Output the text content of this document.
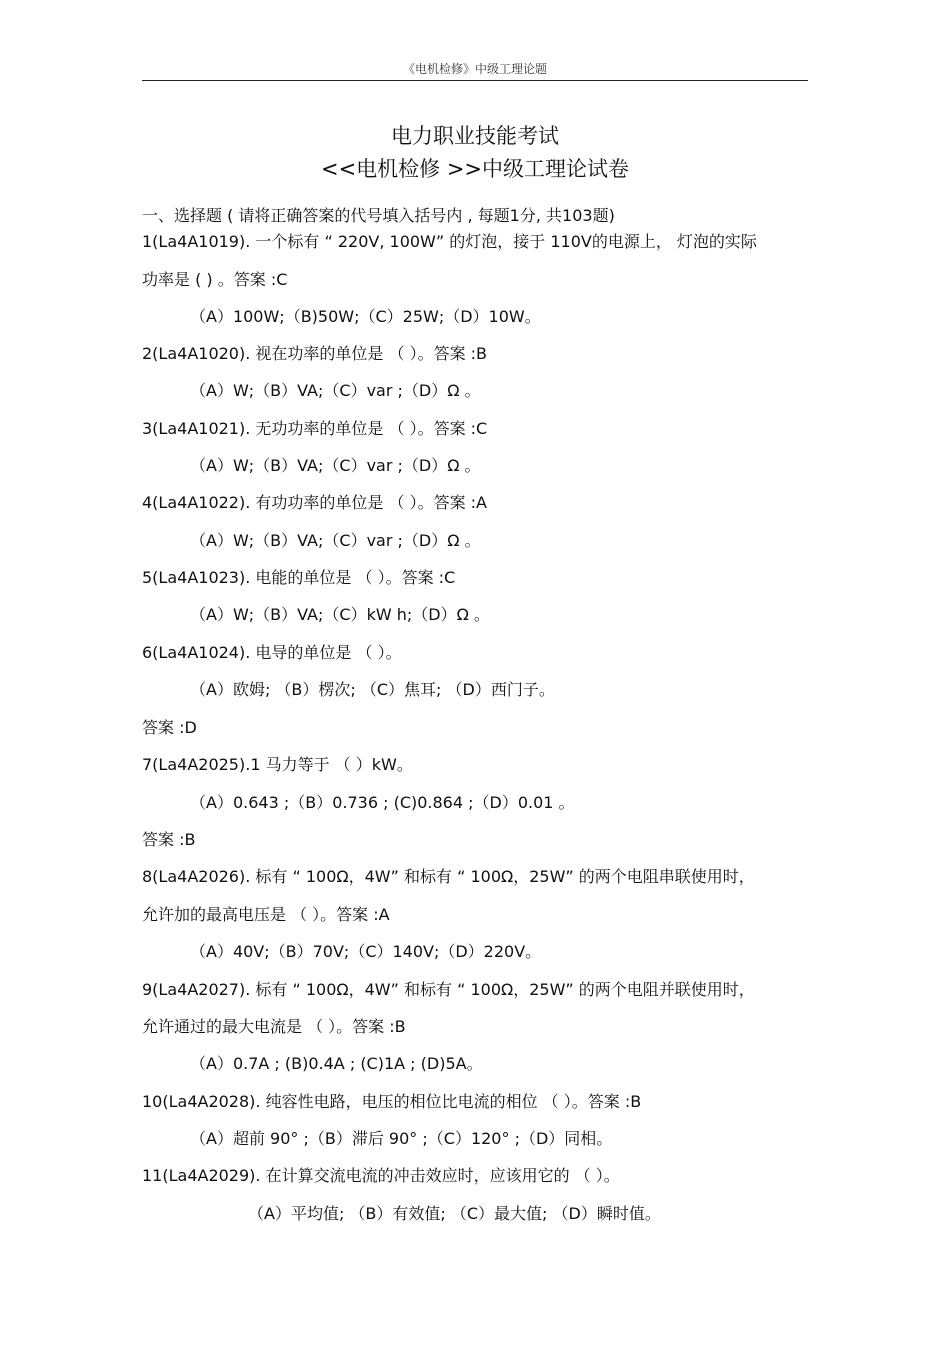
《电机检修》中级工理论题
电力职业技能考试
<<电机检修 >>中级工理论试卷
一、选择题 ( 请将正确答案的代号填入括号内 , 每题1分, 共103题)
1(La4A1019). 一个标有 “ 220V, 100W” 的灯泡，接于 110V的电源上， 灯泡的实际
功率是 ( ) 。答案 :C
（A）100W;（B)50W;（C）25W;（D）10W。
2(La4A1020). 视在功率的单位是 （ ）。答案 :B
（A）W;（B）VA;（C）var ;（D）Ω 。
3(La4A1021). 无功功率的单位是 （ ）。答案 :C
（A）W;（B）VA;（C）var ;（D）Ω 。
4(La4A1022). 有功功率的单位是 （ ）。答案 :A
（A）W;（B）VA;（C）var ;（D）Ω 。
5(La4A1023). 电能的单位是 （ ）。答案 :C
（A）W;（B）VA;（C）kW h;（D）Ω 。
6(La4A1024). 电导的单位是 （ ）。
（A）欧姆; （B）楞次; （C）焦耳; （D）西门子。
答案 :D
7(La4A2025).1 马力等于 （ ）kW。
（A）0.643 ;（B）0.736 ; (C)0.864 ;（D）0.01 。
答案 :B
8(La4A2026). 标有 “ 100Ω，4W” 和标有 “ 100Ω，25W” 的两个电阻串联使用时，
允许加的最高电压是 （ ）。答案 :A
（A）40V;（B）70V;（C）140V;（D）220V。
9(La4A2027). 标有 “ 100Ω，4W” 和标有 “ 100Ω，25W” 的两个电阻并联使用时，
允许通过的最大电流是 （ ）。答案 :B
（A）0.7A ; (B)0.4A ; (C)1A ; (D)5A。
10(La4A2028). 纯容性电路，电压的相位比电流的相位 （ ）。答案 :B
（A）超前 90° ;（B）滞后 90° ;（C）120° ;（D）同相。
11(La4A2029). 在计算交流电流的冲击效应时，应该用它的 （ ）。
（A）平均值; （B）有效值; （C）最大值; （D）瞬时值。
